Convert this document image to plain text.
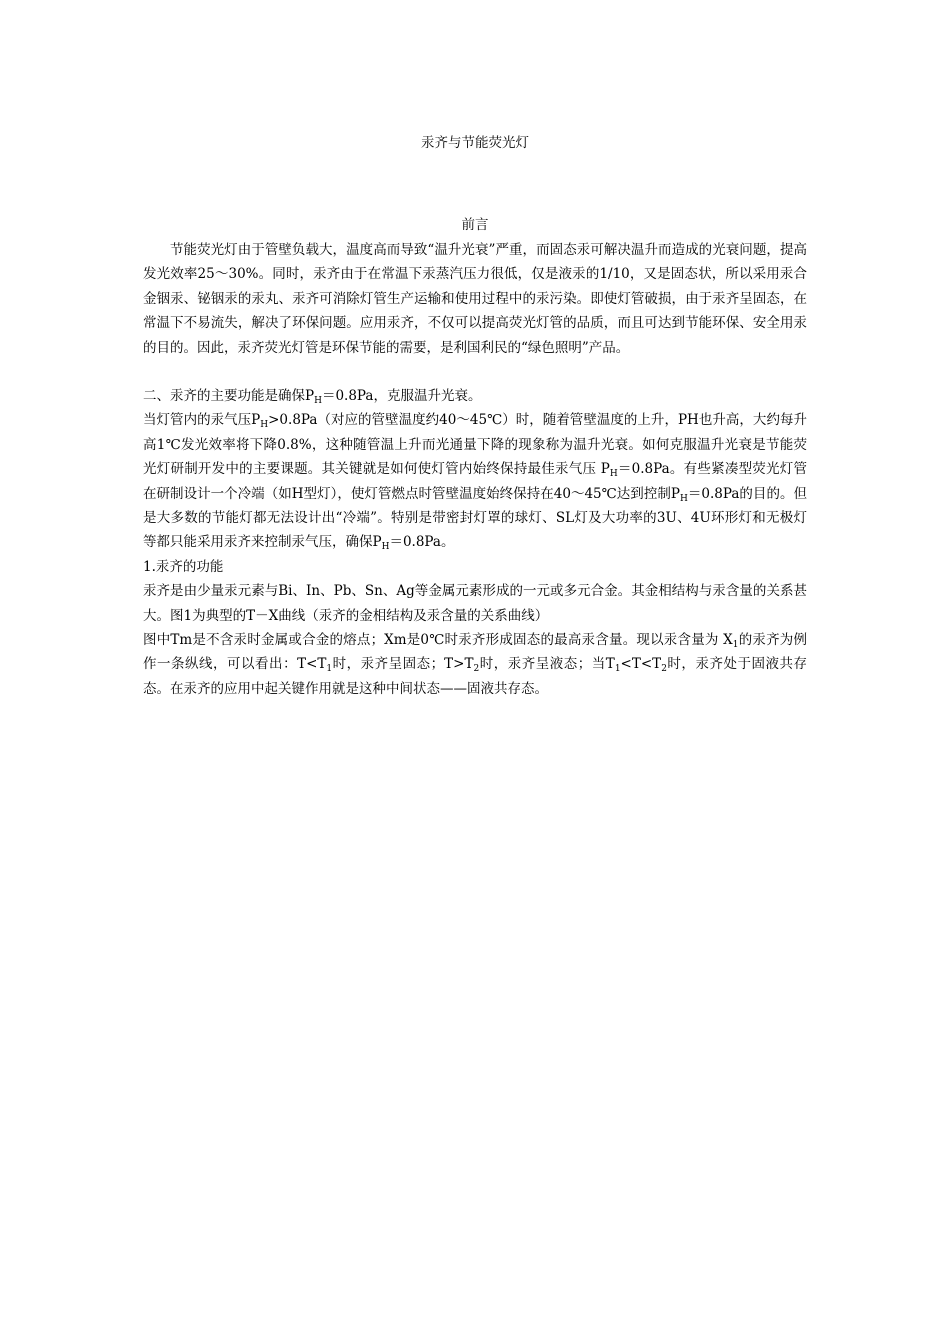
汞齐与节能荧光灯
前言

节能荧光灯由于管壁负载大，温度高而导致“温升光衰”严重，而固态汞可解决温升而造成的光衰问题，提高发光效率25～30%。同时，汞齐由于在常温下汞蒸汽压力很低，仅是液汞的1/10，又是固态状，所以采用汞合金铟汞、铋铟汞的汞丸、汞齐可消除灯管生产运输和使用过程中的汞污染。即使灯管破损，由于汞齐呈固态，在常温下不易流失，解决了环保问题。应用汞齐，不仅可以提高荧光灯管的品质，而且可达到节能环保、安全用汞的目的。因此，汞齐荧光灯管是环保节能的需要，是利国利民的“绿色照明”产品。

二、汞齐的主要功能是确保$P_H=0.8Pa$，克服温升光衰。

当灯管内的汞气压$P_H>0.8Pa$（对应的管壁温度约40～45℃）时，随着管壁温度的上升，PH也升高，大约每升高1℃发光效率将下降0.8%，这种随管温上升而光通量下降的现象称为温升光衰。如何克服温升光衰是节能荧光灯研制开发中的主要课题。其关键就是如何使灯管内始终保持最佳汞气压 $P_H=0.8Pa$。有些紧凑型荧光灯管在研制设计一个冷端（如H型灯），使灯管燃点时管壁温度始终保持在40～45℃达到控制$P_H=0.8Pa$的目的。但是大多数的节能灯都无法设计出“冷端”。特别是带密封灯罩的球灯、SL灯及大功率的3U、4U环形灯和无极灯等都只能采用汞齐来控制汞气压，确保$P_H=0.8Pa$。

1.汞齐的功能

汞齐是由少量汞元素与Bi、In、Pb、Sn、Ag等金属元素形成的一元或多元合金。其金相结构与汞含量的关系甚大。图1为典型的T－X曲线（汞齐的金相结构及汞含量的关系曲线）

图中Tm是不含汞时金属或合金的熔点；Xm是0℃时汞齐形成固态的最高汞含量。现以汞含量为 $X_1$的汞齐为例作一条纵线，可以看出：$T<T_1$时，汞齐呈固态；$T>T_2$时，汞齐呈液态；当$T_1<T<T_2$时，汞齐处于固液共存态。在汞齐的应用中起关键作用就是这种中间状态——固液共存态。
